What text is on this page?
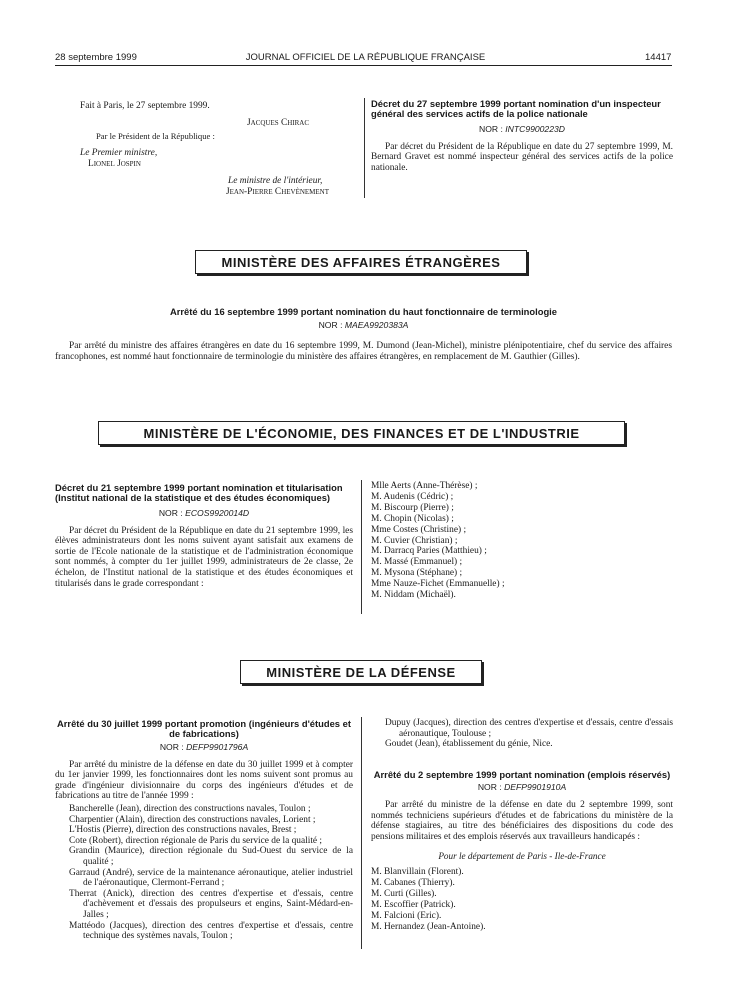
28 septembre 1999	JOURNAL OFFICIEL DE LA RÉPUBLIQUE FRANÇAISE	14417
Fait à Paris, le 27 septembre 1999.
Jacques Chirac
Par le Président de la République :
Le Premier ministre,
Lionel Jospin
Le ministre de l'intérieur,
Jean-Pierre Chevènement

Décret du 27 septembre 1999 portant nomination d'un inspecteur général des services actifs de la police nationale

NOR : INTC9900223D

Par décret du Président de la République en date du 27 septembre 1999, M. Bernard Gravet est nommé inspecteur général des services actifs de la police nationale.

MINISTÈRE DES AFFAIRES ÉTRANGÈRES

Arrêté du 16 septembre 1999 portant nomination du haut fonctionnaire de terminologie

NOR : MAEA9920383A

Par arrêté du ministre des affaires étrangères en date du 16 septembre 1999, M. Dumond (Jean-Michel), ministre plénipotentiaire, chef du service des affaires francophones, est nommé haut fonctionnaire de terminologie du ministère des affaires étrangères, en remplacement de M. Gauthier (Gilles).

MINISTÈRE DE L'ÉCONOMIE, DES FINANCES ET DE L'INDUSTRIE

Décret du 21 septembre 1999 portant nomination et titularisation (Institut national de la statistique et des études économiques)

NOR : ECOS9920014D

Par décret du Président de la République en date du 21 septembre 1999, les élèves administrateurs dont les noms suivent ayant satisfait aux examens de sortie de l'Ecole nationale de la statistique et de l'administration économique sont nommés, à compter du 1er juillet 1999, administrateurs de 2e classe, 2e échelon, de l'Institut national de la statistique et des études économiques et titularisés dans le grade correspondant :

Mlle Aerts (Anne-Thérèse) ;
M. Audenis (Cédric) ;
M. Biscourp (Pierre) ;
M. Chopin (Nicolas) ;
Mme Costes (Christine) ;
M. Cuvier (Christian) ;
M. Darracq Paries (Matthieu) ;
M. Massé (Emmanuel) ;
M. Mysona (Stéphane) ;
Mme Nauze-Fichet (Emmanuelle) ;
M. Niddam (Michaël).
MINISTÈRE DE LA DÉFENSE

Arrêté du 30 juillet 1999 portant promotion (ingénieurs d'études et de fabrications)

NOR : DEFP9901796A

Par arrêté du ministre de la défense en date du 30 juillet 1999 et à compter du 1er janvier 1999, les fonctionnaires dont les noms suivent sont promus au grade d'ingénieur divisionnaire du corps des ingénieurs d'études et de fabrications au titre de l'année 1999 :

Bancherelle (Jean), direction des constructions navales, Toulon ;

Charpentier (Alain), direction des constructions navales, Lorient ;

L'Hostis (Pierre), direction des constructions navales, Brest ;

Cote (Robert), direction régionale de Paris du service de la qualité ;

Grandin (Maurice), direction régionale du Sud-Ouest du service de la qualité ;

Garraud (André), service de la maintenance aéronautique, atelier industriel de l'aéronautique, Clermont-Ferrand ;

Therrat (Anick), direction des centres d'expertise et d'essais, centre d'achèvement et d'essais des propulseurs et engins, Saint-Médard-en-Jalles ;

Mattéodo (Jacques), direction des centres d'expertise et d'essais, centre technique des systèmes navals, Toulon ;

Dupuy (Jacques), direction des centres d'expertise et d'essais, centre d'essais aéronautique, Toulouse ;

Goudet (Jean), établissement du génie, Nice.

Arrêté du 2 septembre 1999 portant nomination (emplois réservés)

NOR : DEFP9901910A

Par arrêté du ministre de la défense en date du 2 septembre 1999, sont nommés techniciens supérieurs d'études et de fabrications du ministère de la défense stagiaires, au titre des bénéficiaires des dispositions du code des pensions militaires et des emplois réservés aux travailleurs handicapés :

Pour le département de Paris - Ile-de-France
M. Blanvillain (Florent).
M. Cabanes (Thierry).
M. Curti (Gilles).
M. Escoffier (Patrick).
M. Falcioni (Eric).
M. Hernandez (Jean-Antoine).
